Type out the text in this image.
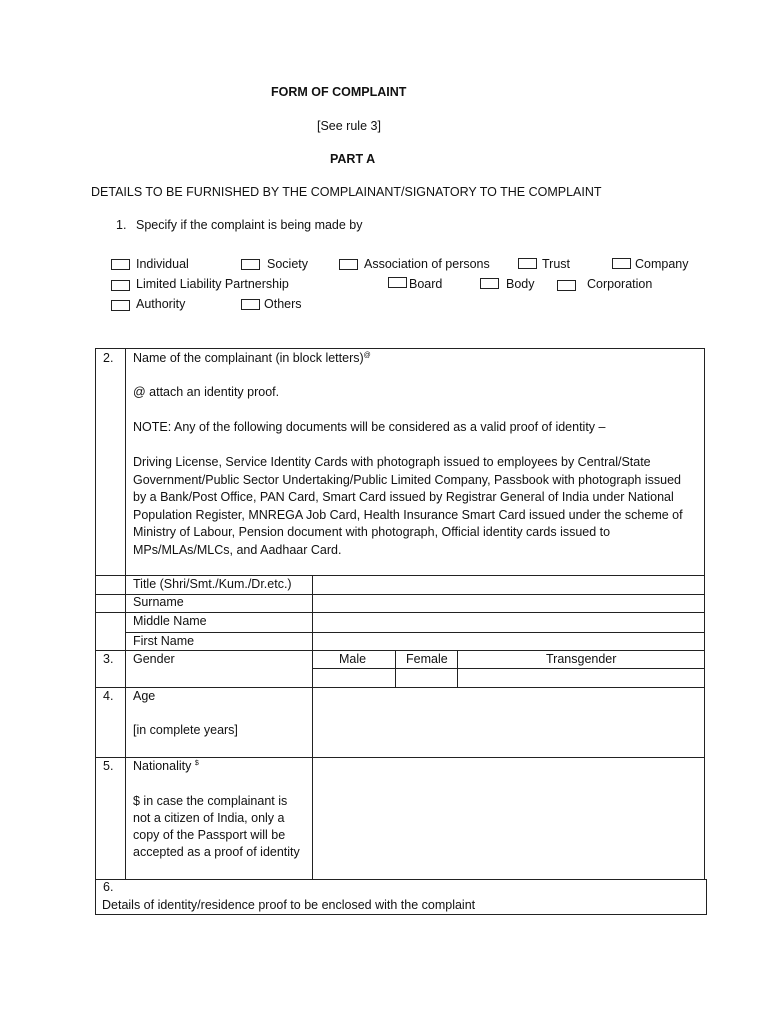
FORM OF COMPLAINT
[See rule 3]
PART A
DETAILS TO BE FURNISHED BY THE COMPLAINANT/SIGNATORY TO THE COMPLAINT
1. Specify if the complaint is being made by
Individual	Society	Association of persons	Trust	Company
Limited Liability Partnership	Board	Body	Corporation
Authority	Others
2. Name of the complainant (in block letters)@
@ attach an identity proof.
NOTE: Any of the following documents will be considered as a valid proof of identity –
Driving License, Service Identity Cards with photograph issued to employees by Central/State
Government/Public Sector Undertaking/Public Limited Company, Passbook with photograph issued
by a Bank/Post Office, PAN Card, Smart Card issued by Registrar General of India under National
Population Register, MNREGA Job Card, Health Insurance Smart Card issued under the scheme of
Ministry of Labour, Pension document with photograph, Official identity cards issued to
MPs/MLAs/MLCs, and Aadhaar Card.
Title (Shri/Smt./Kum./Dr.etc.)
Surname
Middle Name
First Name
3. Gender	Male	Female	Transgender
4. Age
[in complete years]
5. Nationality $
$ in case the complainant is
not a citizen of India, only a
copy of the Passport will be
accepted as a proof of identity
6.
Details of identity/residence proof to be enclosed with the complaint
